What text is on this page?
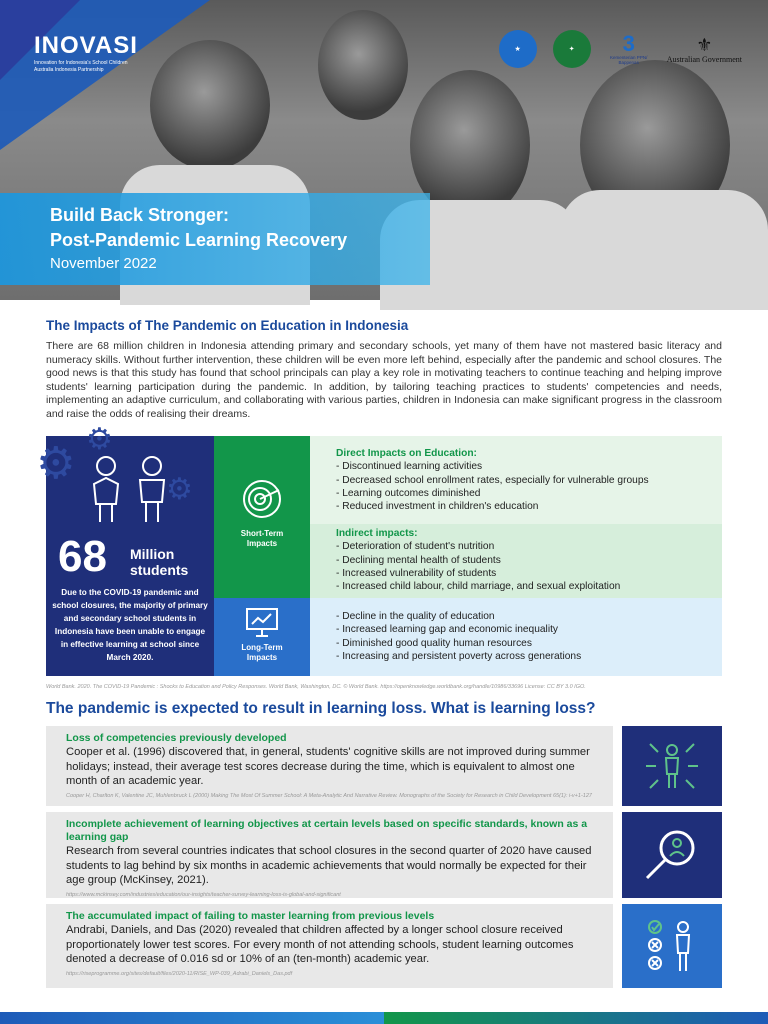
INOVASI
Innovation for Indonesia's School Children
Australia Indonesia Partnership
★	✦	3
Kementerian PPN/ Bappenas
⚜
Australian Government
Build Back Stronger:
Post-Pandemic Learning Recovery
November 2022
The Impacts of The Pandemic on Education in Indonesia
There are 68 million children in Indonesia attending primary and secondary schools, yet many of them have not mastered basic literacy and numeracy skills. Without further intervention, these children will be even more left behind, especially after the pandemic and school closures. The good news is that this study has found that school principals can play a key role in motivating teachers to continue teaching and helping improve students' learning participation during the pandemic. In addition, by tailoring teaching practices to students' competencies and needs, implementing an adaptive curriculum, and collaborating with various parties, children in Indonesia can make significant progress in the classroom and raise the odds of realising their dreams.
⚙ ⚙
⚙
68 Million
students
Due to the COVID-19 pandemic and school closures, the majority of primary and secondary school students in Indonesia have been unable to engage in effective learning at school since March 2020.
Short-Term Impacts
Long-Term Impacts
Direct Impacts on Education:
- Discontinued learning activities
- Decreased school enrollment rates, especially for vulnerable groups
- Learning outcomes diminished
- Reduced investment in children's education
Indirect impacts:
- Deterioration of student's nutrition
- Declining mental health of students
- Increased vulnerability of students
- Increased child labour, child marriage, and sexual exploitation
- Decline in the quality of education
- Increased learning gap and economic inequality
- Diminished good quality human resources
- Increasing and persistent poverty across generations
World Bank. 2020. The COVID-19 Pandemic : Shocks to Education and Policy Responses. World Bank, Washington, DC. © World Bank. https://openknowledge.worldbank.org/handle/10986/33696 License: CC BY 3.0 IGO.
The pandemic is expected to result in learning loss. What is learning loss?
Loss of competencies previously developed
Cooper et al. (1996) discovered that, in general, students' cognitive skills are not improved during summer holidays; instead, their average test scores decrease during the time, which is equivalent to almost one month of an academic year.
Cooper H, Charlton K, Valentine JC, Muhlenbruck L (2000) Making The Most Of Summer School: A Meta-Analytic And Narrative Review. Monographs of the Society for Research in Child Development 65(1): i-v+1-127
Incomplete achievement of learning objectives at certain levels based on specific standards, known as a learning gap
Research from several countries indicates that school closures in the second quarter of 2020 have caused students to lag behind by six months in academic achievements that would normally be expected for their age group (McKinsey, 2021).
https://www.mckinsey.com/industries/education/our-insights/teacher-survey-learning-loss-is-global-and-significant
The accumulated impact of failing to master learning from previous levels
Andrabi, Daniels, and Das (2020) revealed that children affected by a longer school closure received proportionately lower test scores. For every month of not attending schools, student learning outcomes denoted a decrease of 0.016 sd or 10% of an (ten-month) academic year.
https://riseprogramme.org/sites/default/files/2020-11/RISE_WP-039_Adrabi_Daniels_Das.pdf
